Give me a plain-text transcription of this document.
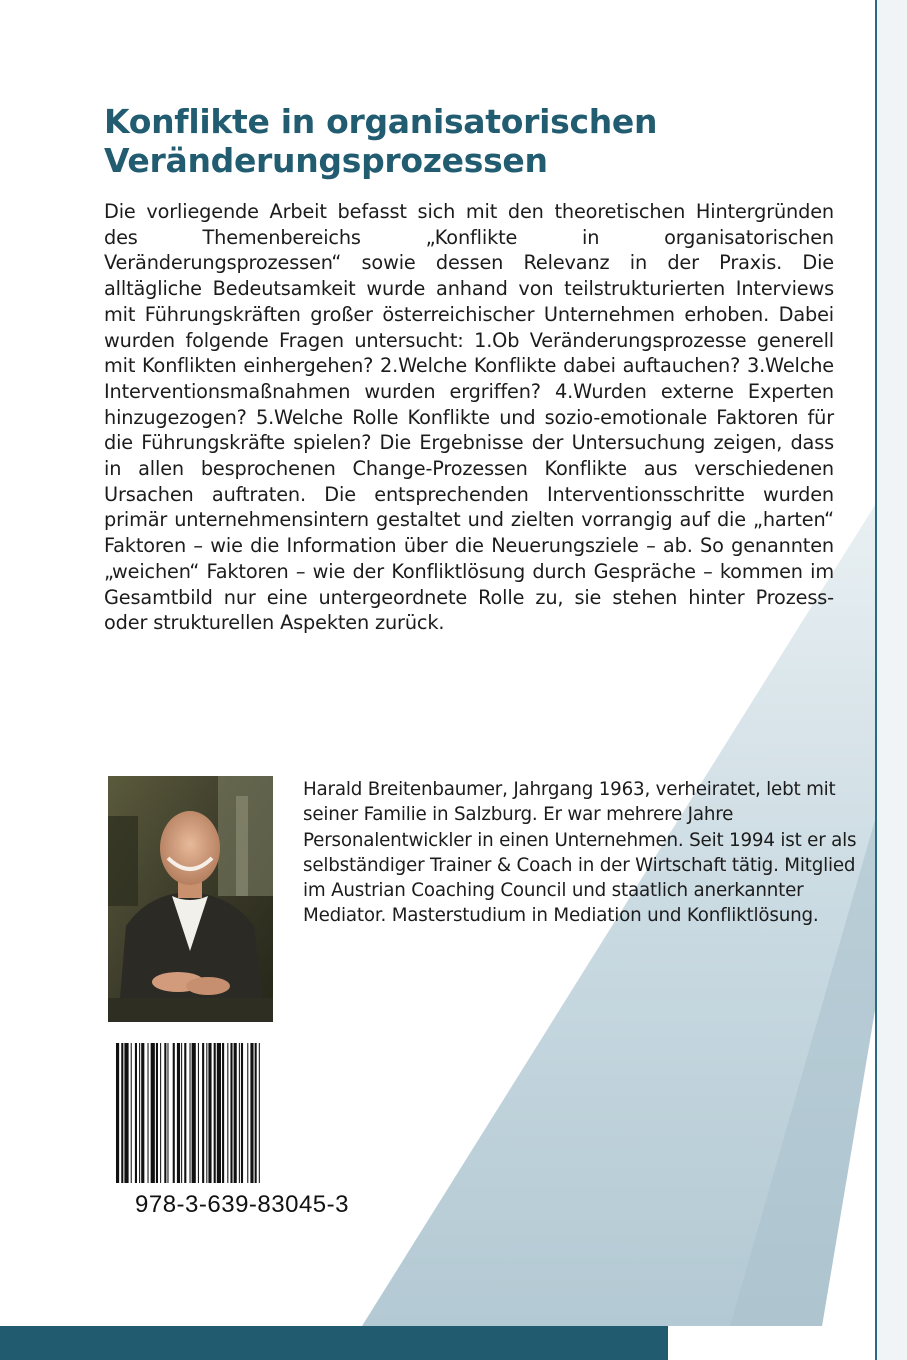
Konflikte in organisatorischen
Veränderungsprozessen

Die vorliegende Arbeit befasst sich mit den theoretischen Hintergründen des Themenbereichs „Konflikte in organisatorischen Veränderungsprozessen“ sowie dessen Relevanz in der Praxis. Die alltägliche Bedeutsamkeit wurde anhand von teilstrukturierten Interviews mit Führungskräften großer österreichischer Unternehmen erhoben. Dabei wurden folgende Fragen untersucht: 1.Ob Veränderungsprozesse generell mit Konflikten einhergehen? 2.Welche Konflikte dabei auftauchen? 3.Welche Interventionsmaßnahmen wurden ergriffen? 4.Wurden externe Experten hinzugezogen? 5.Welche Rolle Konflikte und sozio-emotionale Faktoren für die Führungskräfte spielen? Die Ergebnisse der Untersuchung zeigen, dass in allen besprochenen Change-Prozessen Konflikte aus verschiedenen Ursachen auftraten. Die entsprechenden Interventionsschritte wurden primär unternehmensintern gestaltet und zielten vorrangig auf die „harten“ Faktoren – wie die Information über die Neuerungsziele – ab. So genannten „weichen“ Faktoren – wie der Konfliktlösung durch Gespräche – kommen im Gesamtbild nur eine untergeordnete Rolle zu, sie stehen hinter Prozess- oder strukturellen Aspekten zurück.

Harald Breitenbaumer, Jahrgang 1963, verheiratet, lebt mit seiner Familie in Salzburg. Er war mehrere Jahre Personalentwickler in einen Unternehmen. Seit 1994 ist er als selbständiger Trainer & Coach in der Wirtschaft tätig. Mitglied im Austrian Coaching Council und staatlich anerkannter Mediator. Masterstudium in Mediation und Konfliktlösung.

978-3-639-83045-3
